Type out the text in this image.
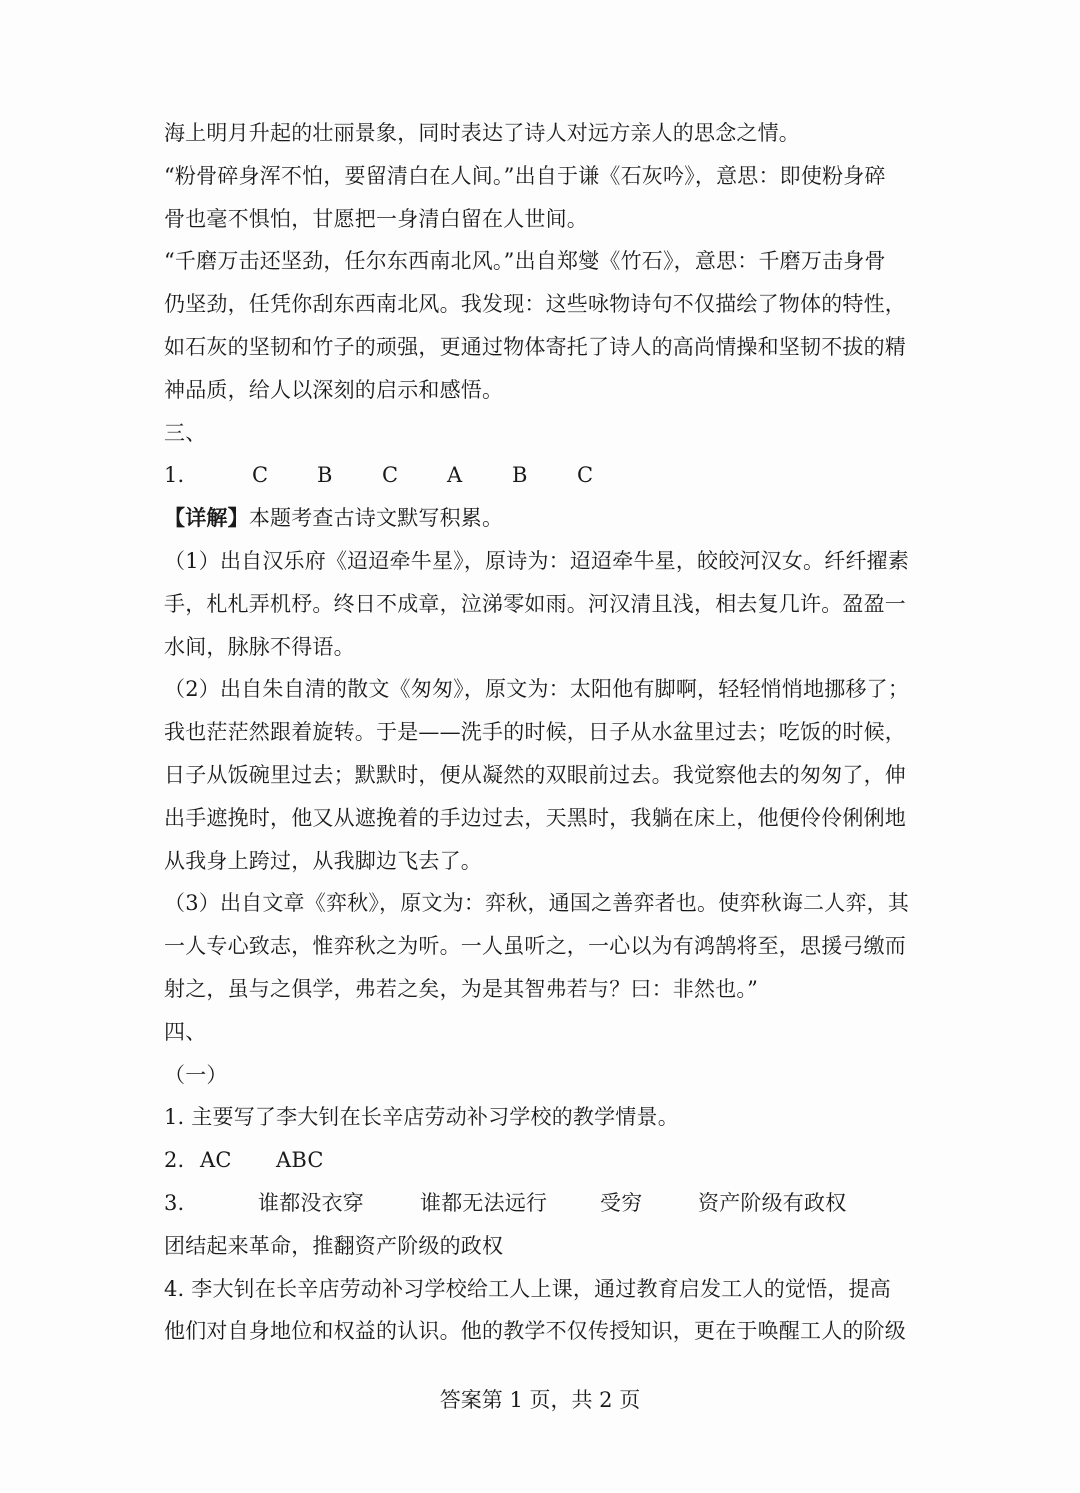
海上明月升起的壮丽景象，同时表达了诗人对远方亲人的思念之情。
“粉骨碎身浑不怕，要留清白在人间。”出自于谦《石灰吟》，意思：即使粉身碎
骨也毫不惧怕，甘愿把一身清白留在人世间。
“千磨万击还坚劲，任尔东西南北风。”出自郑燮《竹石》，意思：千磨万击身骨
仍坚劲，任凭你刮东西南北风。我发现：这些咏物诗句不仅描绘了物体的特性，
如石灰的坚韧和竹子的顽强，更通过物体寄托了诗人的高尚情操和坚韧不拔的精
神品质，给人以深刻的启示和感悟。
三、
1.	C	B	C	A	B	C
【详解】本题考查古诗文默写积累。
（1）出自汉乐府《迢迢牵牛星》，原诗为：迢迢牵牛星，皎皎河汉女。纤纤擢素
手，札札弄机杼。终日不成章，泣涕零如雨。河汉清且浅，相去复几许。盈盈一
水间，脉脉不得语。
（2）出自朱自清的散文《匆匆》，原文为：太阳他有脚啊，轻轻悄悄地挪移了；
我也茫茫然跟着旋转。于是——洗手的时候，日子从水盆里过去；吃饭的时候，
日子从饭碗里过去；默默时，便从凝然的双眼前过去。我觉察他去的匆匆了，伸
出手遮挽时，他又从遮挽着的手边过去，天黑时，我躺在床上，他便伶伶俐俐地
从我身上跨过，从我脚边飞去了。
（3）出自文章《弈秋》，原文为：弈秋，通国之善弈者也。使弈秋诲二人弈，其
一人专心致志，惟弈秋之为听。一人虽听之，一心以为有鸿鹄将至，思援弓缴而
射之，虽与之俱学，弗若之矣，为是其智弗若与？曰：非然也。”
四、
（一）
1. 主要写了李大钊在长辛店劳动补习学校的教学情景。
2. AC	ABC
3.	谁都没衣穿	谁都无法远行	受穷	资产阶级有政权
团结起来革命，推翻资产阶级的政权
4. 李大钊在长辛店劳动补习学校给工人上课，通过教育启发工人的觉悟，提高
他们对自身地位和权益的认识。他的教学不仅传授知识，更在于唤醒工人的阶级
答案第 1 页，共 2 页
